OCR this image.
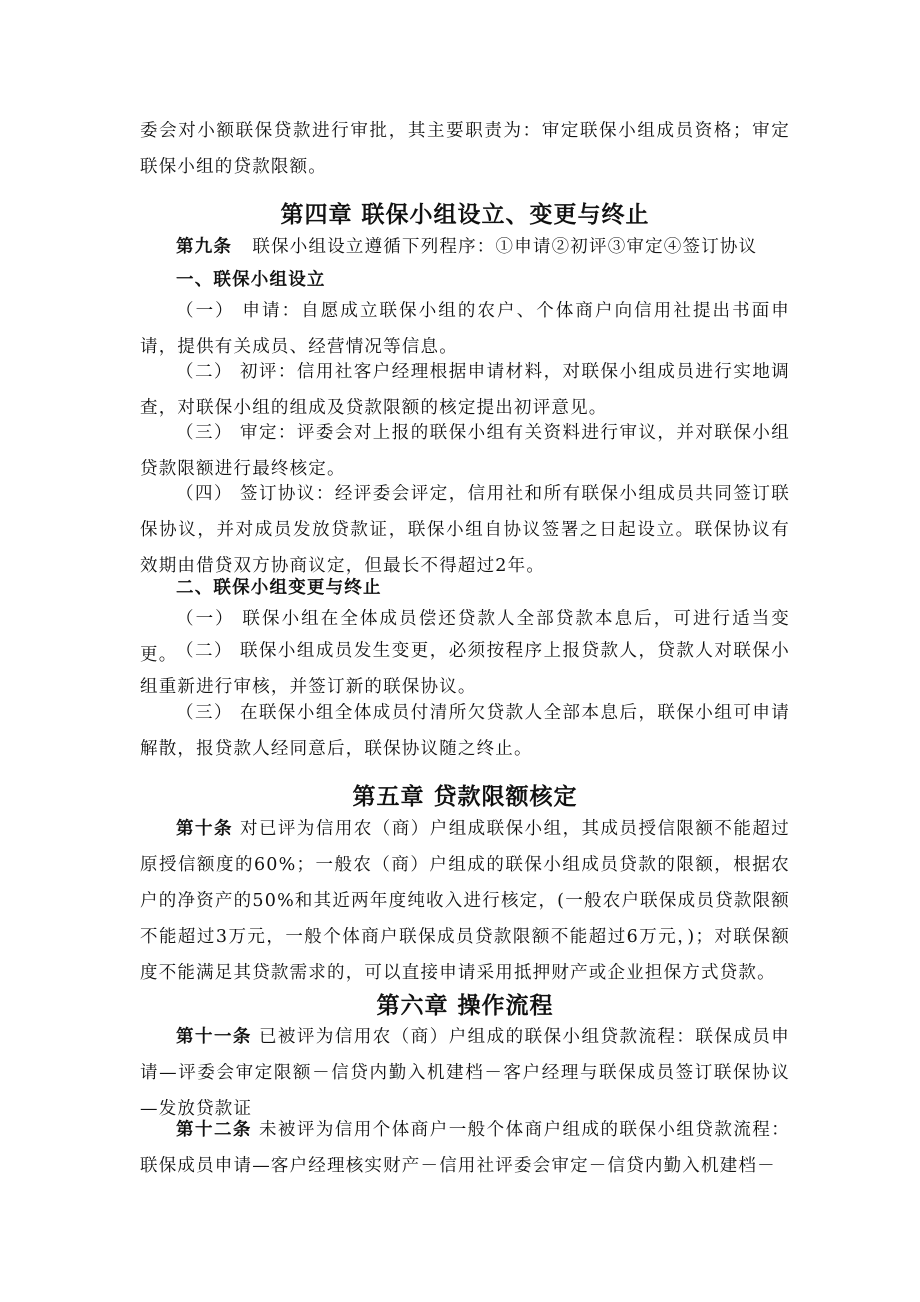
委会对小额联保贷款进行审批，其主要职责为：审定联保小组成员资格；审定联保小组的贷款限额。

第四章 联保小组设立、变更与终止

第九条 联保小组设立遵循下列程序：①申请②初评③审定④签订协议

一、联保小组设立

（一） 申请：自愿成立联保小组的农户、个体商户向信用社提出书面申请，提供有关成员、经营情况等信息。

（二） 初评：信用社客户经理根据申请材料，对联保小组成员进行实地调查，对联保小组的组成及贷款限额的核定提出初评意见。

（三） 审定：评委会对上报的联保小组有关资料进行审议，并对联保小组贷款限额进行最终核定。

（四） 签订协议：经评委会评定，信用社和所有联保小组成员共同签订联保协议，并对成员发放贷款证，联保小组自协议签署之日起设立。联保协议有效期由借贷双方协商议定，但最长不得超过2年。

二、联保小组变更与终止

（一） 联保小组在全体成员偿还贷款人全部贷款本息后，可进行适当变更。

（二） 联保小组成员发生变更，必须按程序上报贷款人，贷款人对联保小组重新进行审核，并签订新的联保协议。

（三） 在联保小组全体成员付清所欠贷款人全部本息后，联保小组可申请解散，报贷款人经同意后，联保协议随之终止。

第五章 贷款限额核定

第十条 对已评为信用农（商）户组成联保小组，其成员授信限额不能超过原授信额度的60%；一般农（商）户组成的联保小组成员贷款的限额，根据农户的净资产的50%和其近两年度纯收入进行核定，(一般农户联保成员贷款限额不能超过3万元，一般个体商户联保成员贷款限额不能超过6万元，)；对联保额度不能满足其贷款需求的，可以直接申请采用抵押财产或企业担保方式贷款。

第六章 操作流程

第十一条 已被评为信用农（商）户组成的联保小组贷款流程：联保成员申请—评委会审定限额－信贷内勤入机建档－客户经理与联保成员签订联保协议—发放贷款证

第十二条 未被评为信用个体商户一般个体商户组成的联保小组贷款流程：联保成员申请—客户经理核实财产－信用社评委会审定－信贷内勤入机建档－
